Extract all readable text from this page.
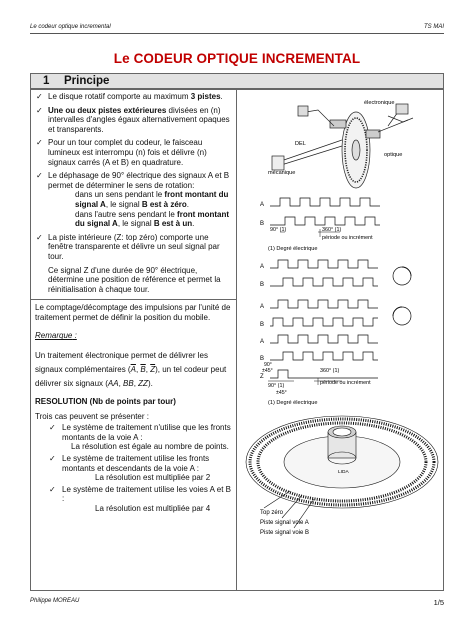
Le codeur optique incremental	TS MAI
Le CODEUR OPTIQUE INCREMENTAL
1 Principe
✓ Le disque rotatif comporte au maximum 3 pistes.
✓ Une ou deux pistes extérieures divisées en (n) intervalles d'angles égaux alternativement opaques et transparents.
✓ Pour un tour complet du codeur, le faisceau lumineux est interrompu (n) fois et délivre (n) signaux carrés (A et B) en quadrature.
✓ Le déphasage de 90° électrique des signaux A et B permet de déterminer le sens de rotation:
dans un sens pendant le front montant du signal A, le signal B est à zéro.
dans l'autre sens pendant le front montant du signal A, le signal B est à un.
✓ La piste intérieure (Z: top zéro) comporte une fenêtre transparente et délivre un seul signal par tour.
Ce signal Z d'une durée de 90° électrique, détermine une position de référence et permet la réinitialisation à chaque tour.
Le comptage/décomptage des impulsions par l'unité de traitement permet de définir la position du mobile.
Remarque :
Un traitement électronique permet de délivrer les signaux complémentaires ($\overline{A}$, $\overline{B}$, $\overline{Z}$), un tel codeur peut délivrer six signaux (AA, BB, ZZ).
RESOLUTION (Nb de points par tour)
Trois cas peuvent se présenter :
✓ Le système de traitement n'utilise que les fronts montants de la voie A :
La résolution est égale au nombre de points.
✓ Le système de traitement utilise les fronts montants et descendants de la voie A :
La résolution est multipliée par 2
✓ Le système de traitement utilise les voies A et B :
La résolution est multipliée par 4
électronique
DEL
optique
mécanique
A
B
90° (1)	360° (1)
période ou incrément
(1) Degré électrique
A
B
A
B
A
B
Z
90°
±45°	360° (1)
90° (1)	période ou incrément
±45°
(1) Degré électrique
LIDA
Top zéro
Piste signal voie A
Piste signal voie B
Philippe MOREAU	1/5
